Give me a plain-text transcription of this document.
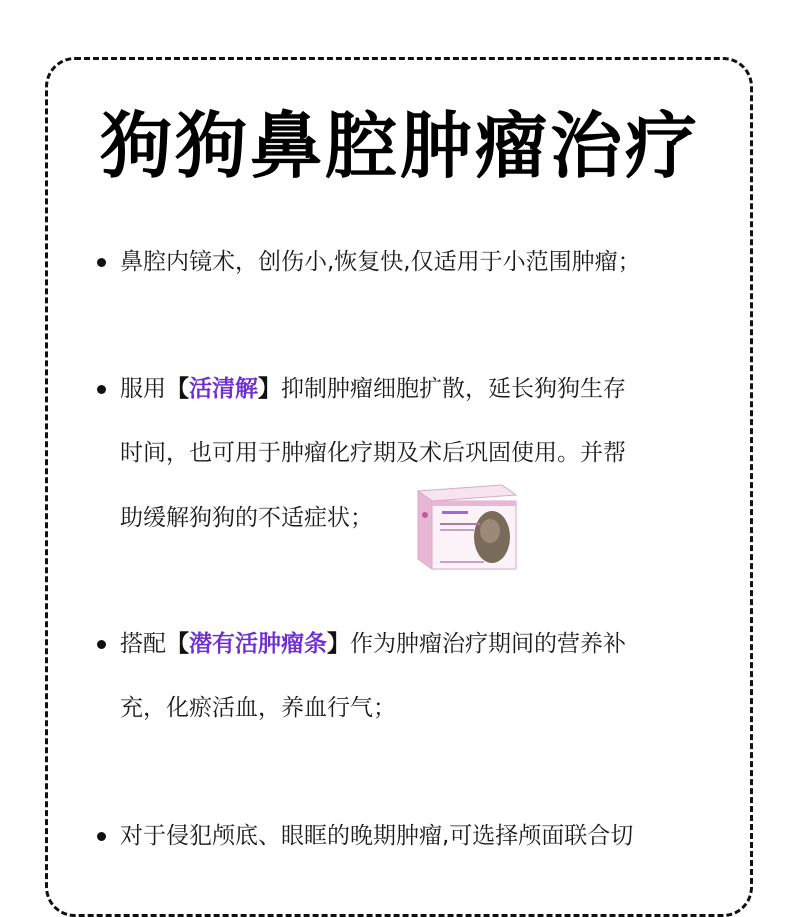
狗狗鼻腔肿瘤治疗
鼻腔内镜术，创伤小,恢复快,仅适用于小范围肿瘤；
服用【活清解】抑制肿瘤细胞扩散，延长狗狗生存
时间，也可用于肿瘤化疗期及术后巩固使用。并帮
助缓解狗狗的不适症状；
搭配【潜有活肿瘤条】作为肿瘤治疗期间的营养补
充，化瘀活血，养血行气；
对于侵犯颅底、眼眶的晚期肿瘤,可选择颅面联合切
